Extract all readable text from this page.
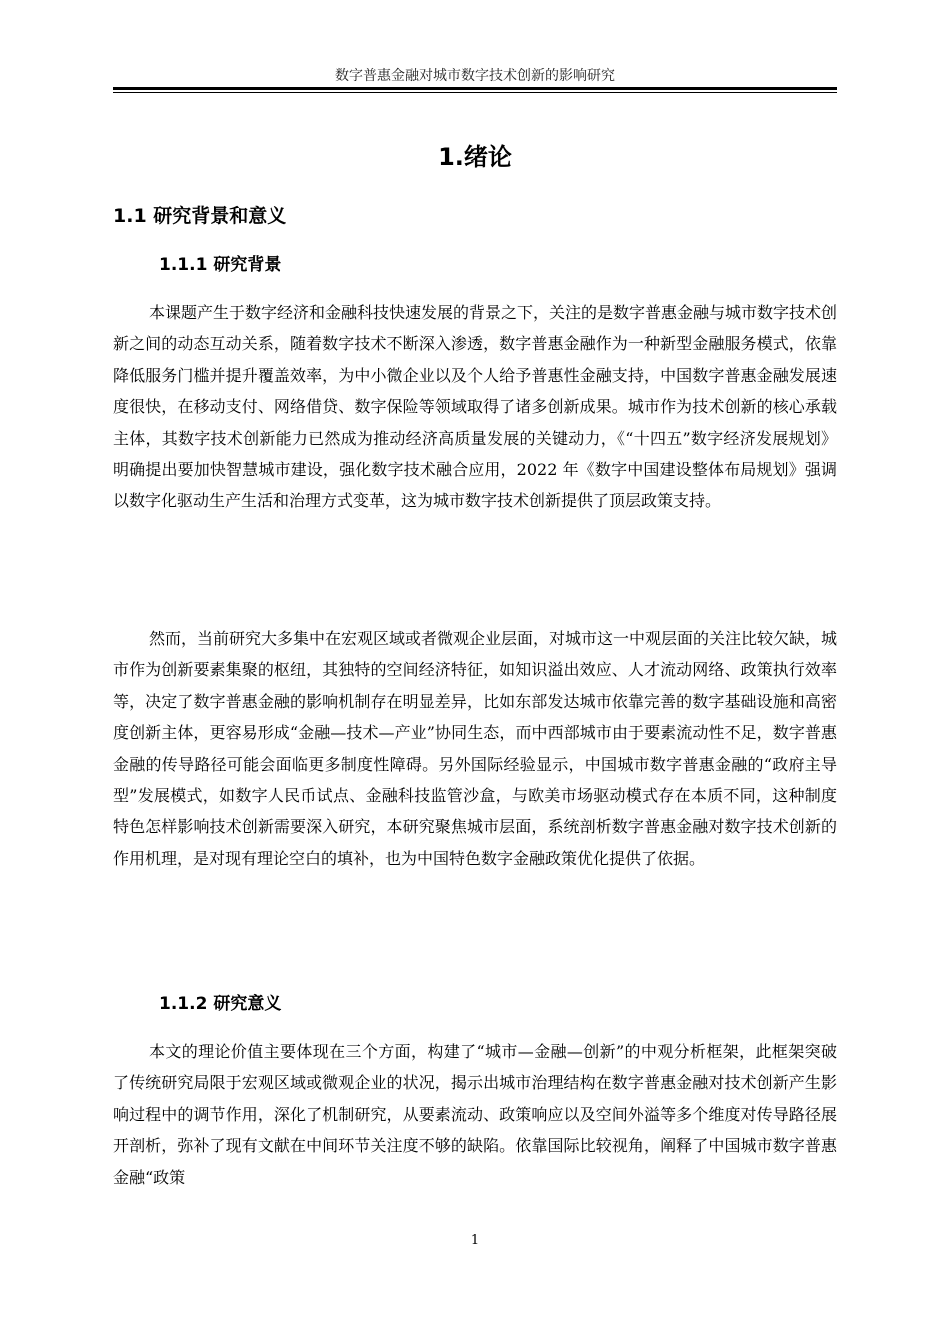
数字普惠金融对城市数字技术创新的影响研究
1.绪论
1.1 研究背景和意义
1.1.1 研究背景

本课题产生于数字经济和金融科技快速发展的背景之下，关注的是数字普惠金融与城市数字技术创新之间的动态互动关系，随着数字技术不断深入渗透，数字普惠金融作为一种新型金融服务模式，依靠降低服务门槛并提升覆盖效率，为中小微企业以及个人给予普惠性金融支持，中国数字普惠金融发展速度很快，在移动支付、网络借贷、数字保险等领域取得了诸多创新成果。城市作为技术创新的核心承载主体，其数字技术创新能力已然成为推动经济高质量发展的关键动力，《“十四五”数字经济发展规划》明确提出要加快智慧城市建设，强化数字技术融合应用，2022 年《数字中国建设整体布局规划》强调以数字化驱动生产生活和治理方式变革，这为城市数字技术创新提供了顶层政策支持。

然而，当前研究大多集中在宏观区域或者微观企业层面，对城市这一中观层面的关注比较欠缺，城市作为创新要素集聚的枢纽，其独特的空间经济特征，如知识溢出效应、人才流动网络、政策执行效率等，决定了数字普惠金融的影响机制存在明显差异，比如东部发达城市依靠完善的数字基础设施和高密度创新主体，更容易形成“金融—技术—产业”协同生态，而中西部城市由于要素流动性不足，数字普惠金融的传导路径可能会面临更多制度性障碍。另外国际经验显示，中国城市数字普惠金融的“政府主导型”发展模式，如数字人民币试点、金融科技监管沙盒，与欧美市场驱动模式存在本质不同，这种制度特色怎样影响技术创新需要深入研究，本研究聚焦城市层面，系统剖析数字普惠金融对数字技术创新的作用机理，是对现有理论空白的填补，也为中国特色数字金融政策优化提供了依据。

1.1.2 研究意义

本文的理论价值主要体现在三个方面，构建了“城市—金融—创新”的中观分析框架，此框架突破了传统研究局限于宏观区域或微观企业的状况，揭示出城市治理结构在数字普惠金融对技术创新产生影响过程中的调节作用，深化了机制研究，从要素流动、政策响应以及空间外溢等多个维度对传导路径展开剖析，弥补了现有文献在中间环节关注度不够的缺陷。依靠国际比较视角，阐释了中国城市数字普惠金融“政策

1
